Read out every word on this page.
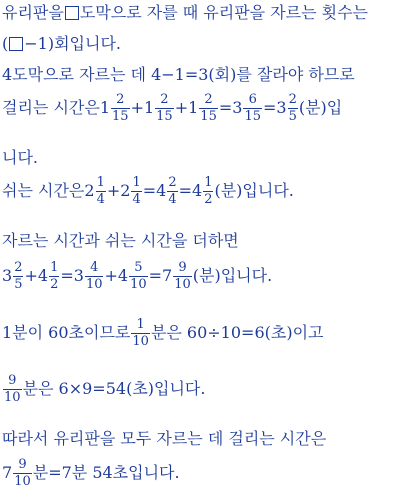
유리판을 도막으로 자를 때 유리판을 자르는 횟수는
( −1)회입니다.
4도막으로 자르는 데 4−1=3(회)를 잘라야 하므로
걸리는 시간은 $1 \frac{2}{15} +1 \frac{2}{15} +1 \frac{2}{15} =3 \frac{6}{15} =3 \frac{2}{5}$ (분)입
니다.
쉬는 시간은 $2 \frac{1}{4} +2 \frac{1}{4} =4 \frac{2}{4} =4 \frac{1}{2}$ (분)입니다.
자르는 시간과 쉬는 시간을 더하면
$3 \frac{2}{5} +4 \frac{1}{2} =3 \frac{4}{10} +4 \frac{5}{10} =7 \frac{9}{10}$ (분)입니다.
1분이 60초이므로 $\frac{1}{10}$ 분은 60÷10=6(초)이고
$\frac{9}{10}$ 분은 6×9=54(초)입니다.
따라서 유리판을 모두 자르는 데 걸리는 시간은
$7 \frac{9}{10}$ 분=7분 54초입니다.
